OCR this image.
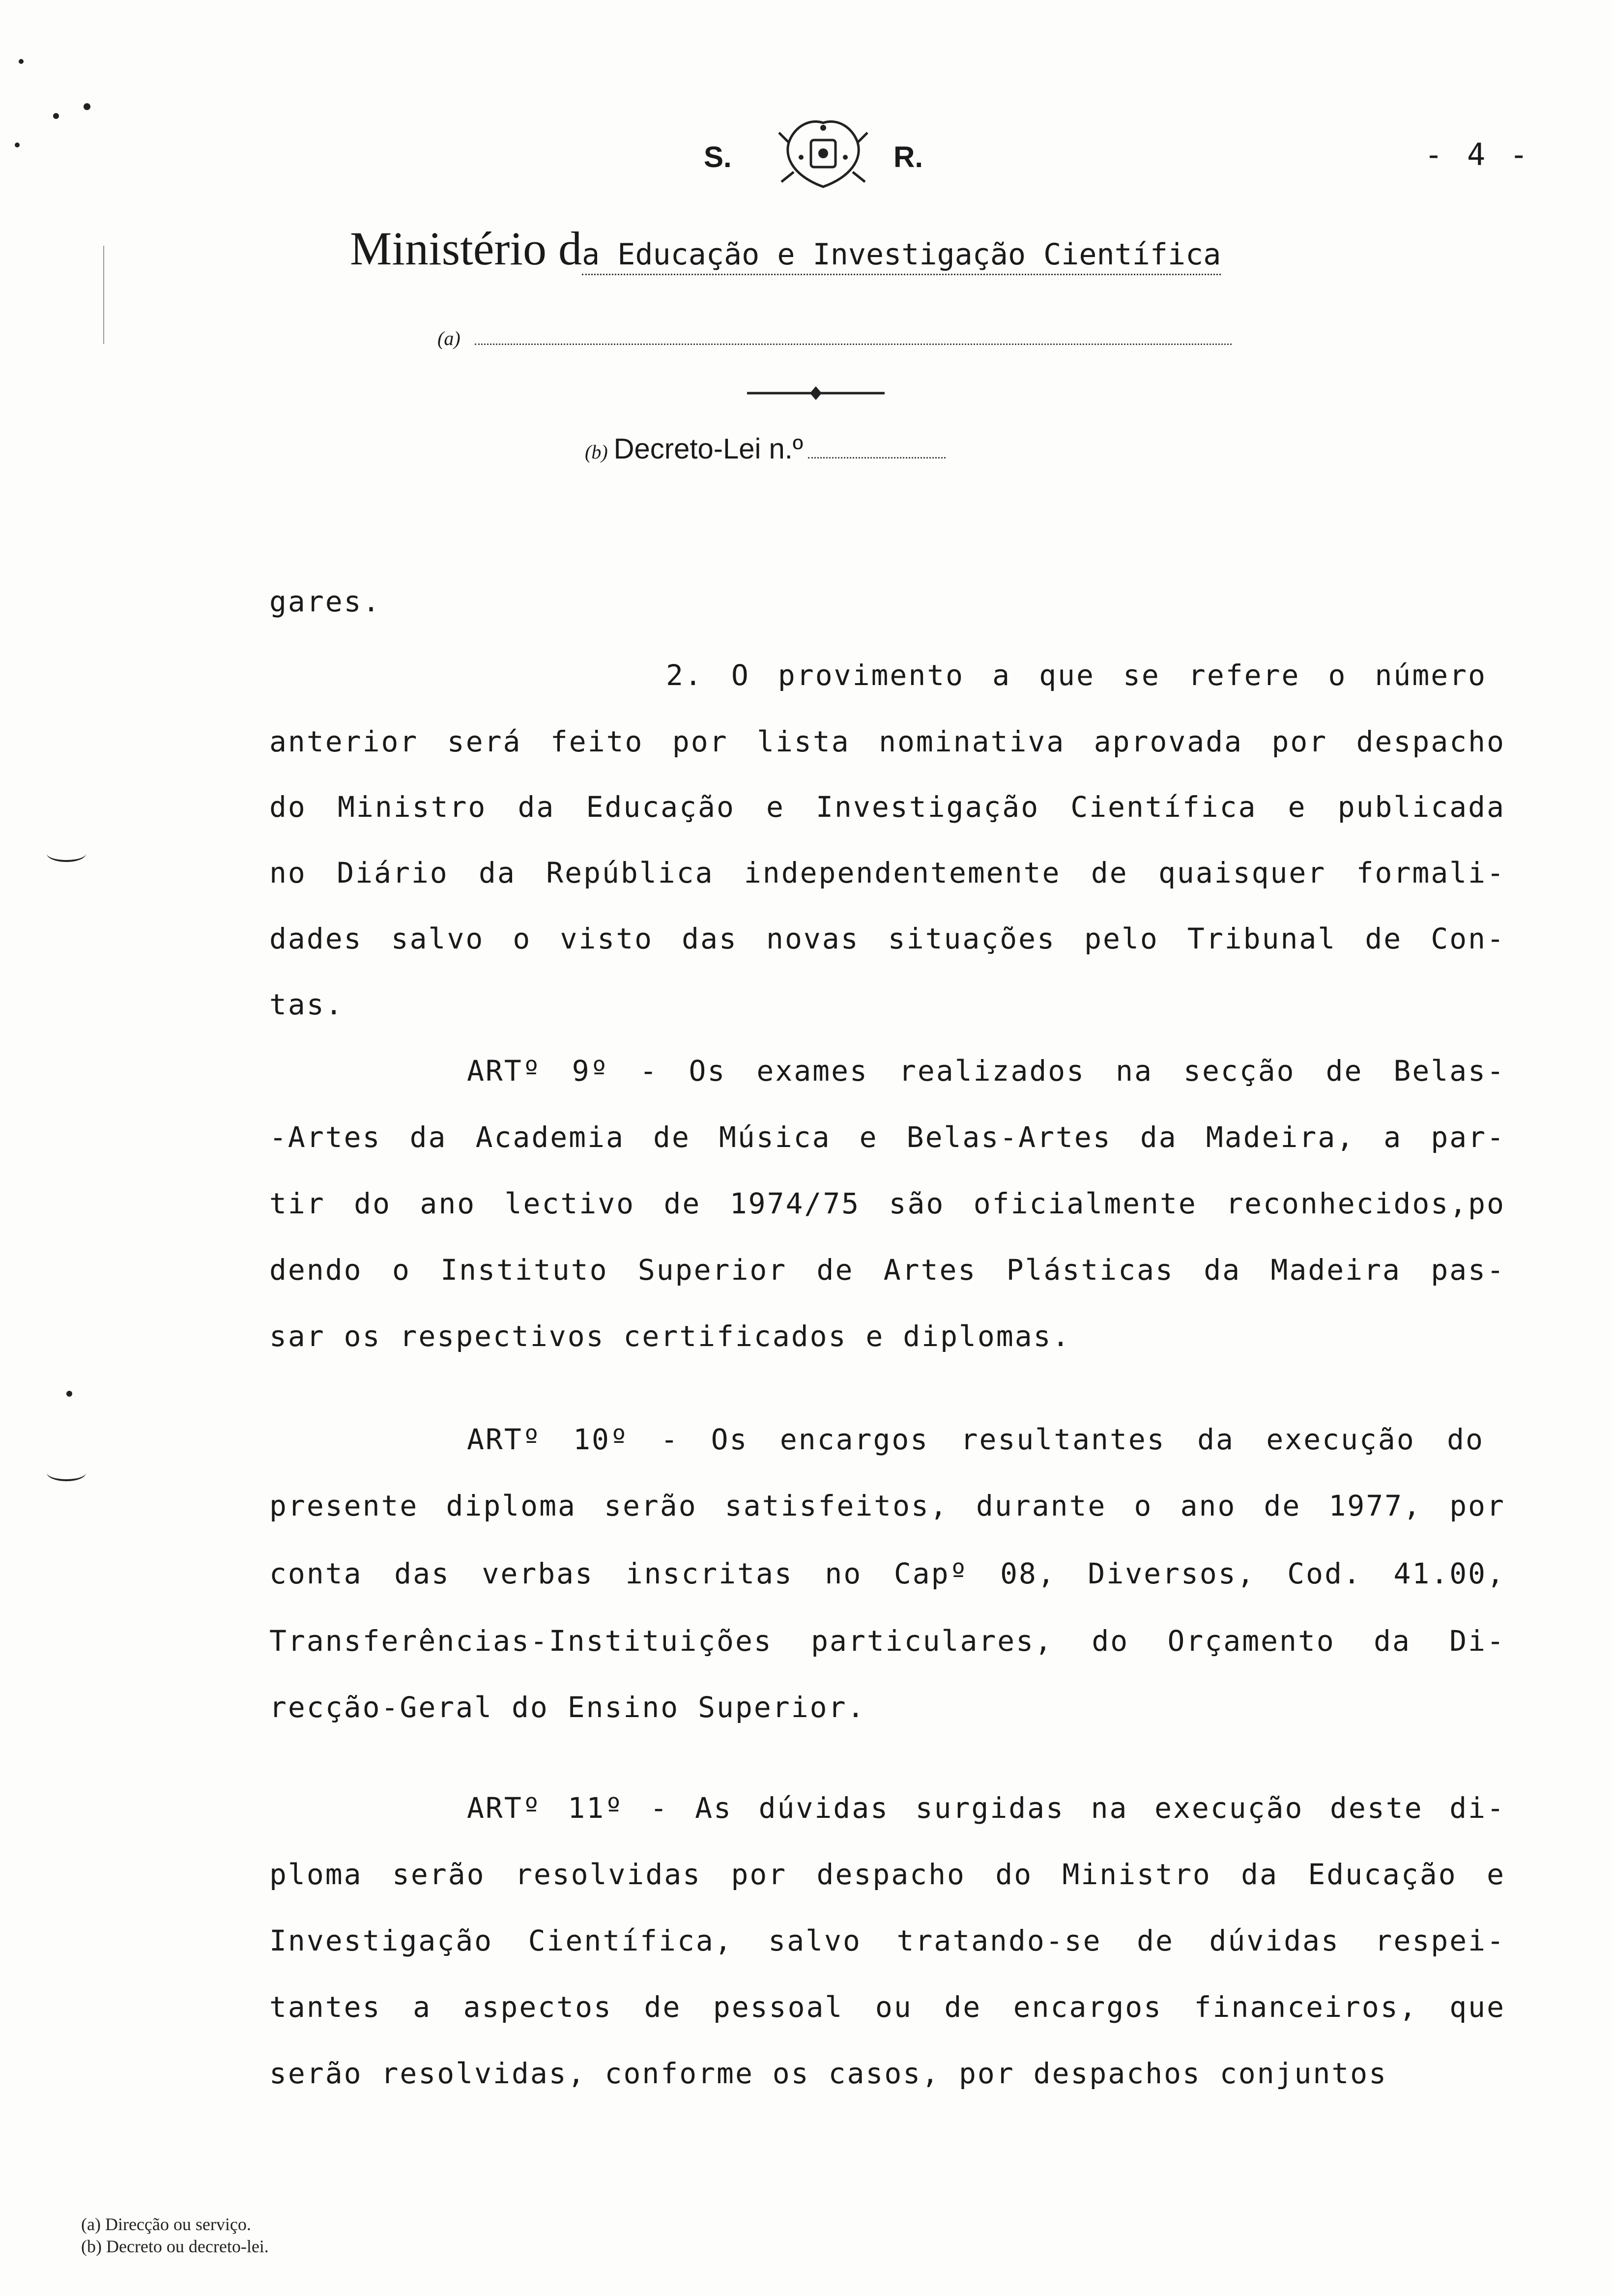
S.	R.	- 4 -
Ministério da Educação e Investigação Científica
(a)
(b) Decreto-Lei n.º
gares.
2. O provimento a que se refere o número
anterior será feito por lista nominativa aprovada por despacho
do Ministro da Educação e Investigação Científica e publicada
no Diário da República independentemente de quaisquer formali-
dades salvo o visto das novas situações pelo Tribunal de Con-
tas.
ARTº 9º - Os exames realizados na secção de Belas-
-Artes da Academia de Música e Belas-Artes da Madeira, a par-
tir do ano lectivo de 1974/75 são oficialmente reconhecidos,po
dendo o Instituto Superior de Artes Plásticas da Madeira pas-
sar os respectivos certificados e diplomas.
ARTº 10º - Os encargos resultantes da execução do
presente diploma serão satisfeitos, durante o ano de 1977, por
conta das verbas inscritas no Capº 08, Diversos, Cod. 41.00,
Transferências-Instituições particulares, do Orçamento da Di-
recção-Geral do Ensino Superior.
ARTº 11º - As dúvidas surgidas na execução deste di-
ploma serão resolvidas por despacho do Ministro da Educação e
Investigação Científica, salvo tratando-se de dúvidas respei-
tantes a aspectos de pessoal ou de encargos financeiros, que
serão resolvidas, conforme os casos, por despachos conjuntos
(a) Direcção ou serviço.
(b) Decreto ou decreto-lei.
